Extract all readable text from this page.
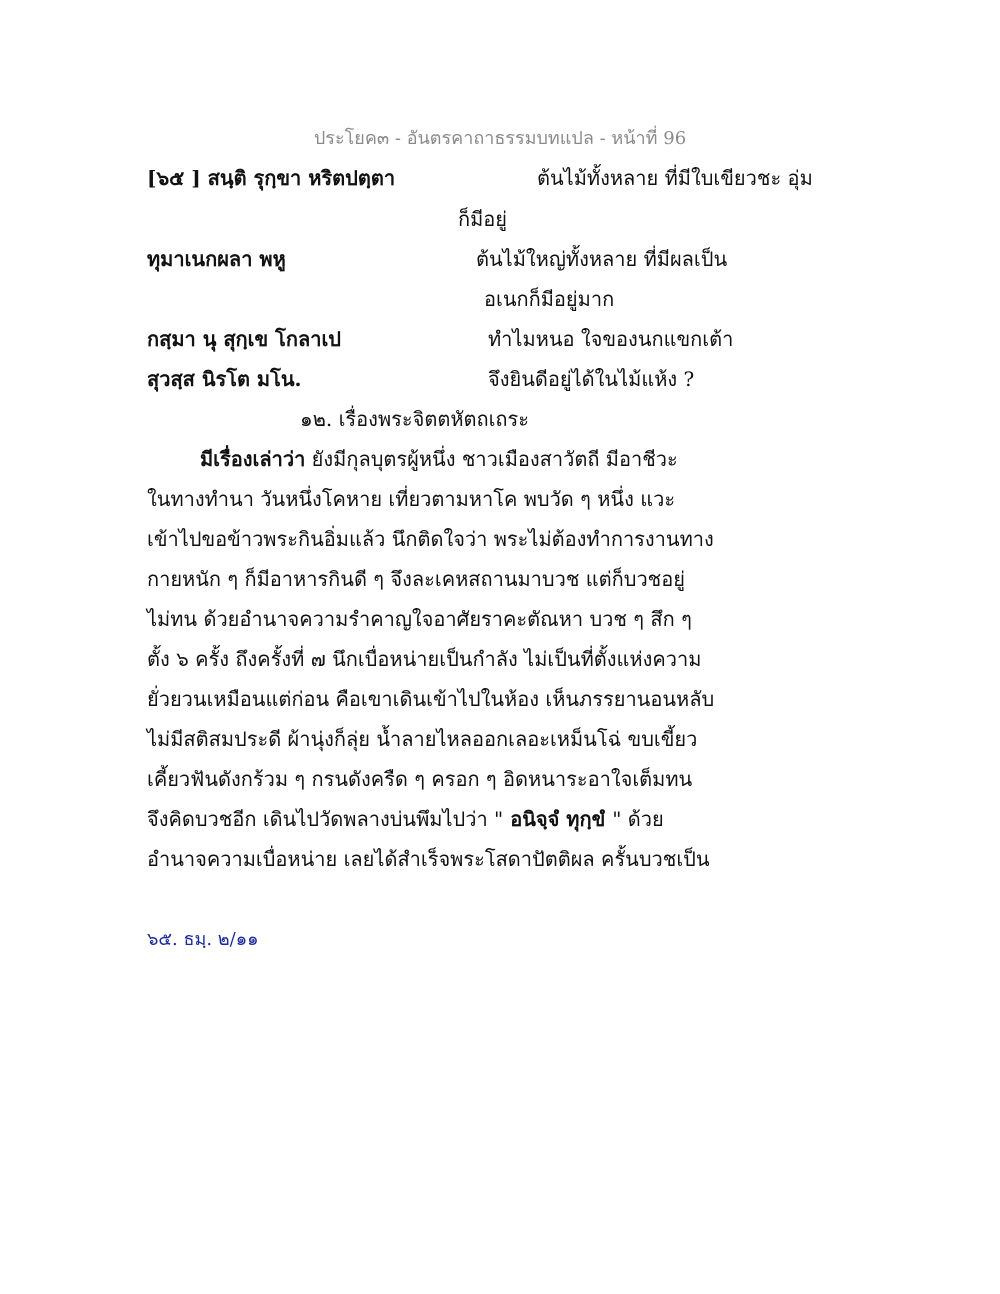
ประโยค๓ - อันตรคาถาธรรมบทแปล - หน้าที่ 96
[๖๕ ] สนฺติ รุกฺขา หริตปตฺตา	ต้นไม้ทั้งหลาย ที่มีใบเขียวชะ อุ่ม
ก็มีอยู่
ทุมาเนกผลา พหู	ต้นไม้ใหญ่ทั้งหลาย ที่มีผลเป็น
อเนกก็มีอยู่มาก
กสฺมา นุ สุกฺเข โกลาเป	ทำไมหนอ ใจของนกแขกเต้า
สุวสฺส นิรโต มโน.	จึงยินดีอยู่ได้ในไม้แห้ง ?
๑๒. เรื่องพระจิตตหัตถเถระ
มีเรื่องเล่าว่า ยังมีกุลบุตรผู้หนึ่ง ชาวเมืองสาวัตถี มีอาชีวะ
ในทางทำนา วันหนึ่งโคหาย เที่ยวตามหาโค พบวัด ๆ หนึ่ง แวะ
เข้าไปขอข้าวพระกินอิ่มแล้ว นึกติดใจว่า พระไม่ต้องทำการงานทาง
กายหนัก ๆ ก็มีอาหารกินดี ๆ จึงละเคหสถานมาบวช แต่ก็บวชอยู่
ไม่ทน ด้วยอำนาจความรำคาญใจอาศัยราคะตัณหา บวช ๆ สึก ๆ
ตั้ง ๖ ครั้ง ถึงครั้งที่ ๗ นึกเบื่อหน่ายเป็นกำลัง ไม่เป็นที่ตั้งแห่งความ
ยั่วยวนเหมือนแต่ก่อน คือเขาเดินเข้าไปในห้อง เห็นภรรยานอนหลับ
ไม่มีสติสมประดี ผ้านุ่งก็ลุ่ย น้ำลายไหลออกเลอะเหม็นโฉ่ ขบเขี้ยว
เคี้ยวฟันดังกร้วม ๆ กรนดังครืด ๆ ครอก ๆ อิดหนาระอาใจเต็มทน
จึงคิดบวชอีก เดินไปวัดพลางบ่นพึมไปว่า " อนิจฺจํ ทุกฺขํ " ด้วย
อำนาจความเบื่อหน่าย เลยได้สำเร็จพระโสดาปัตติผล ครั้นบวชเป็น
๖๕. ธมฺ. ๒/๑๑
